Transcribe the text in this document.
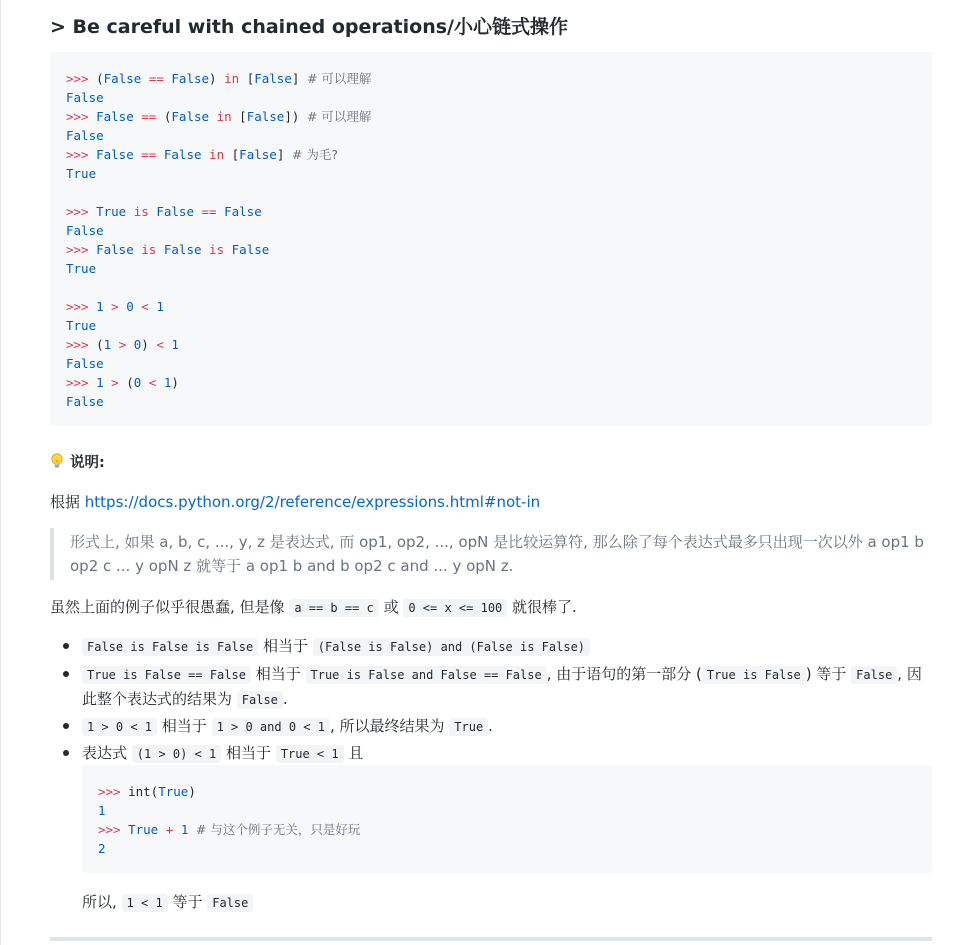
> Be careful with chained operations/小心链式操作
>>> (False == False) in [False] # 可以理解
False
>>> False == (False in [False]) # 可以理解
False
>>> False == False in [False] # 为毛?
True

>>> True is False == False
False
>>> False is False is False
True

>>> 1 > 0 < 1
True
>>> (1 > 0) < 1
False
>>> 1 > (0 < 1)
False
说明:
根据 https://docs.python.org/2/reference/expressions.html#not-in
形式上, 如果 a, b, c, ..., y, z 是表达式, 而 op1, op2, ..., opN 是比较运算符, 那么除了每个表达式最多只出现一次以外 a op1 b op2 c ... y opN z 就等于 a op1 b and b op2 c and ... y opN z.
虽然上面的例子似乎很愚蠢, 但是像 a == b == c 或 0 <= x <= 100 就很棒了.
False is False is False 相当于 (False is False) and (False is False)
True is False == False 相当于 True is False and False == False , 由于语句的第一部分 ( True is False ) 等于 False , 因此整个表达式的结果为 False .
1 > 0 < 1 相当于 1 > 0 and 0 < 1 , 所以最终结果为 True .
表达式 (1 > 0) < 1 相当于 True < 1 且
>>> int(True)
1
>>> True + 1 # 与这个例子无关，只是好玩
2
所以, 1 < 1 等于 False
